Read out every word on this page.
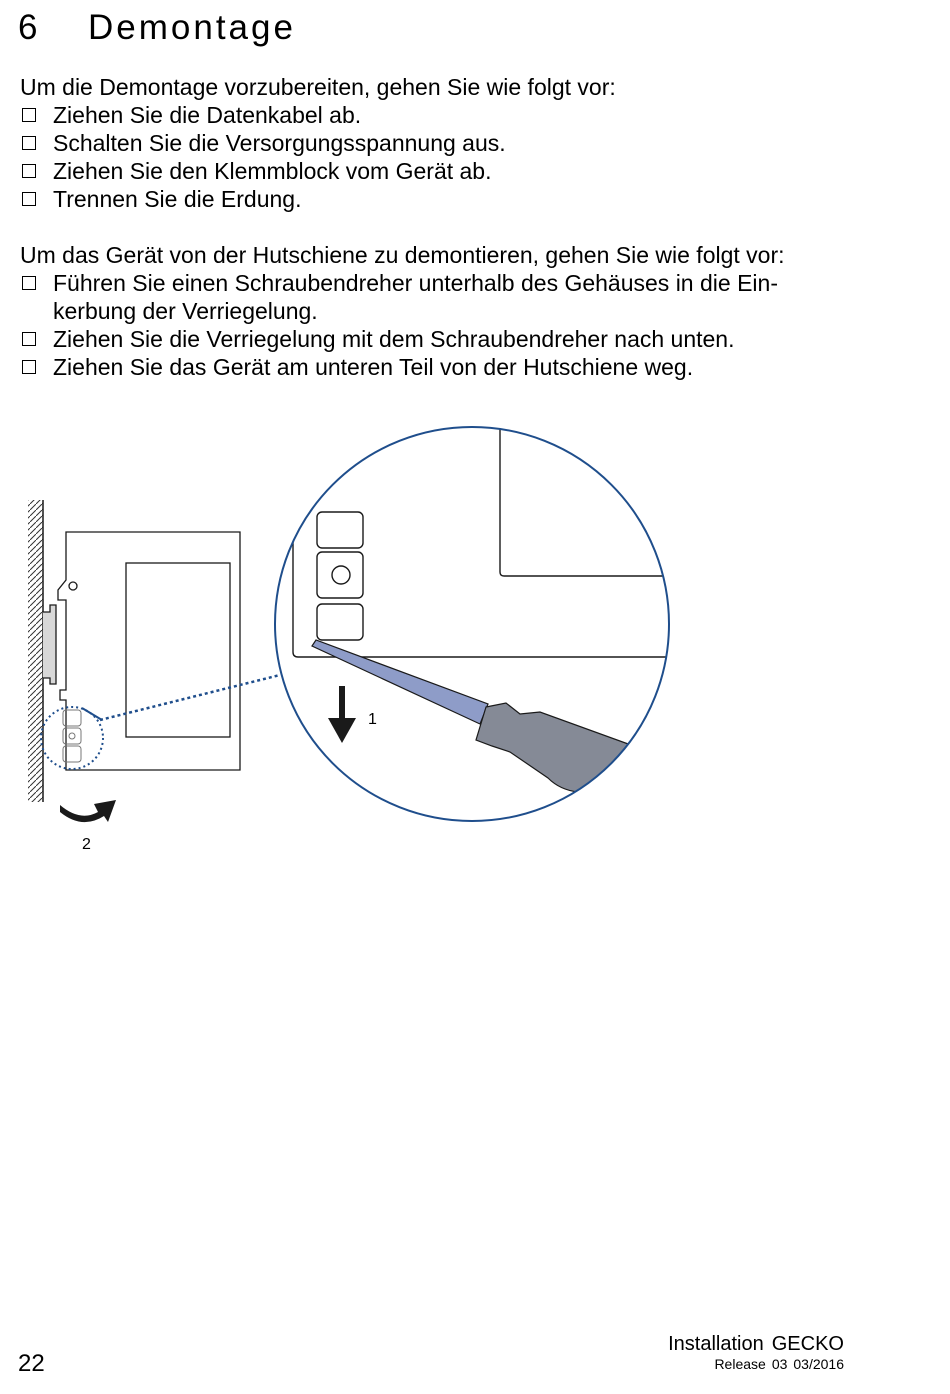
6 Demontage

Um die Demontage vorzubereiten, gehen Sie wie folgt vor:

Ziehen Sie die Datenkabel ab.
Schalten Sie die Versorgungsspannung aus.
Ziehen Sie den Klemmblock vom Gerät ab.
Trennen Sie die Erdung.

Um das Gerät von der Hutschiene zu demontieren, gehen Sie wie folgt vor:

Führen Sie einen Schraubendreher unterhalb des Gehäuses in die Ein-
kerbung der Verriegelung.
Ziehen Sie die Verriegelung mit dem Schraubendreher nach unten.
Ziehen Sie das Gerät am unteren Teil von der Hutschiene weg.
1
2
Installation GECKO
Release 03 03/2016
22
